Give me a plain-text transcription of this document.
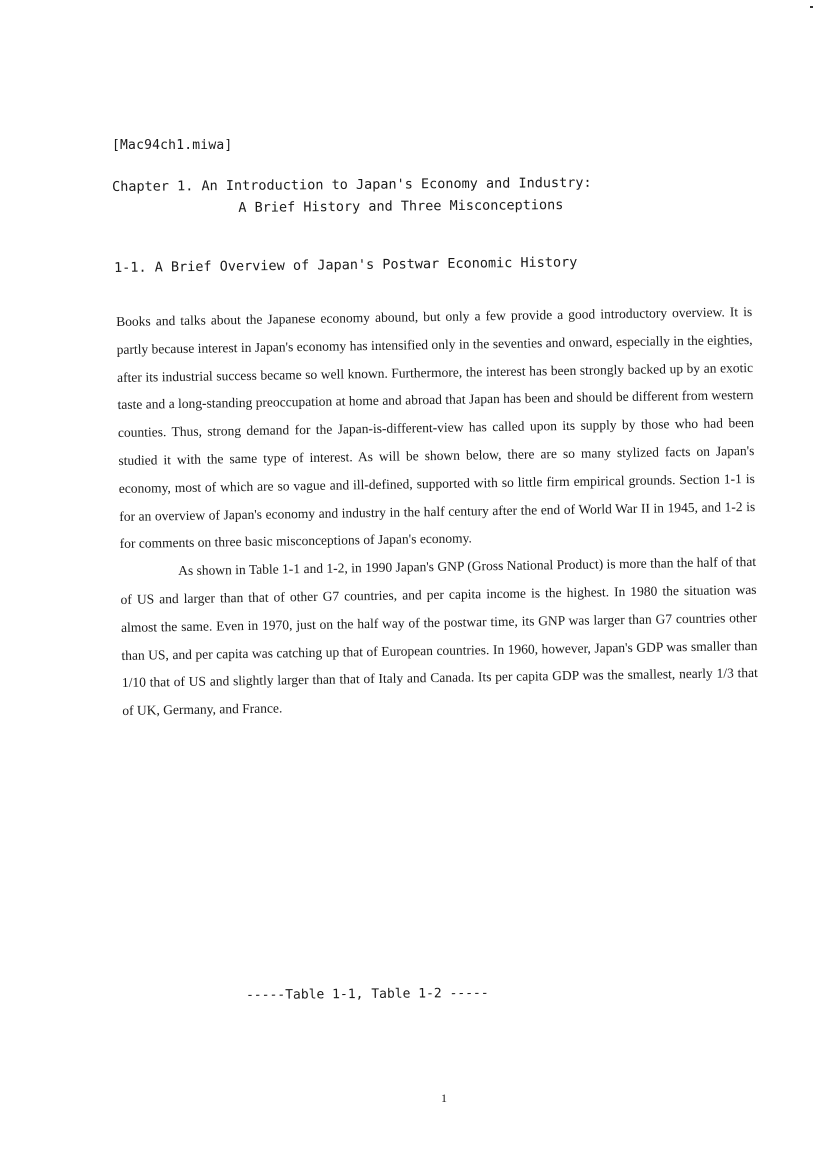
[Mac94ch1.miwa]
Chapter 1. An Introduction to Japan's Economy and Industry:
A Brief History and Three Misconceptions
1-1. A Brief Overview of Japan's Postwar Economic History

Books and talks about the Japanese economy abound, but only a few provide a good introductory overview. It is partly because interest in Japan's economy has intensified only in the seventies and onward, especially in the eighties, after its industrial success became so well known. Furthermore, the interest has been strongly backed up by an exotic taste and a long-standing preoccupation at home and abroad that Japan has been and should be different from western counties. Thus, strong demand for the Japan-is-different-view has called upon its supply by those who had been studied it with the same type of interest. As will be shown below, there are so many stylized facts on Japan's economy, most of which are so vague and ill-defined, supported with so little firm empirical grounds. Section 1-1 is for an overview of Japan's economy and industry in the half century after the end of World War II in 1945, and 1-2 is for comments on three basic misconceptions of Japan's economy.

As shown in Table 1-1 and 1-2, in 1990 Japan's GNP (Gross National Product) is more than the half of that of US and larger than that of other G7 countries, and per capita income is the highest. In 1980 the situation was almost the same. Even in 1970, just on the half way of the postwar time, its GNP was larger than G7 countries other than US, and per capita was catching up that of European countries. In 1960, however, Japan's GDP was smaller than 1/10 that of US and slightly larger than that of Italy and Canada. Its per capita GDP was the smallest, nearly 1/3 that of UK, Germany, and France.

-----Table 1-1, Table 1-2 -----
1
